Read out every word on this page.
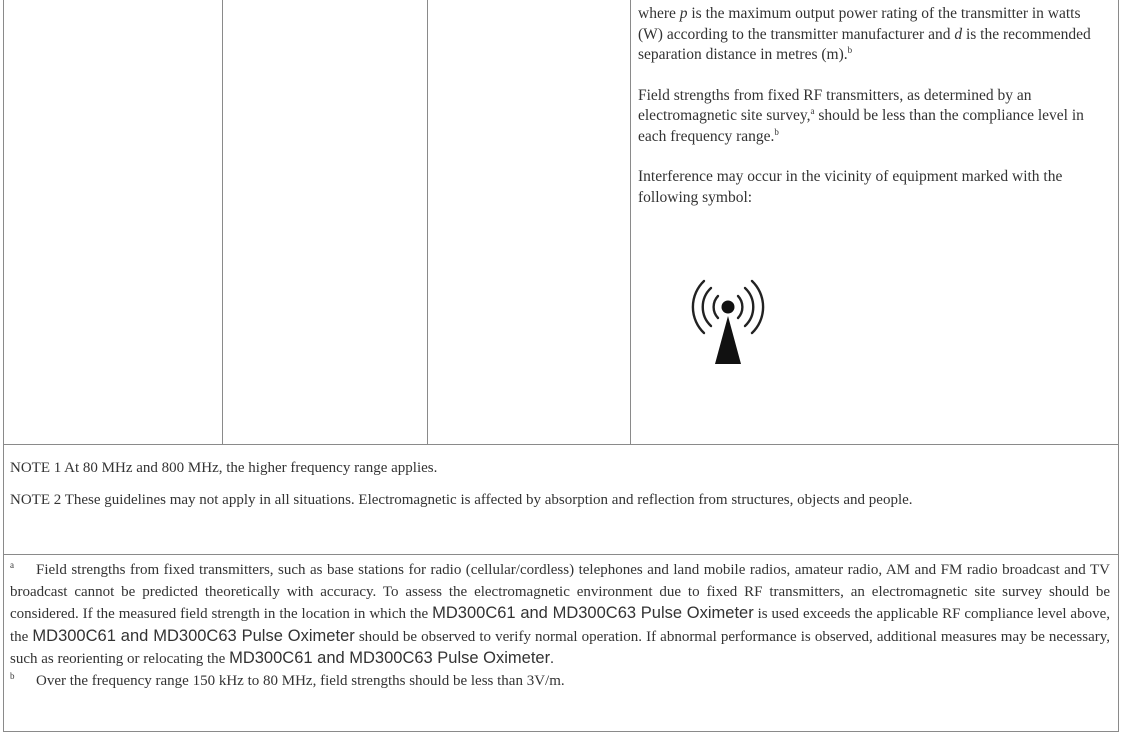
where p is the maximum output power rating of the transmitter in watts (W) according to the transmitter manufacturer and d is the recommended separation distance in metres (m).$^b$

Field strengths from fixed RF transmitters, as determined by an electromagnetic site survey,$^a$ should be less than the compliance level in each frequency range.$^b$

Interference may occur in the vicinity of equipment marked with the following symbol:

NOTE 1 At 80 MHz and 800 MHz, the higher frequency range applies.

NOTE 2 These guidelines may not apply in all situations. Electromagnetic is affected by absorption and reflection from structures, objects and people.

a Field strengths from fixed transmitters, such as base stations for radio (cellular/cordless) telephones and land mobile radios, amateur radio, AM and FM radio broadcast and TV broadcast cannot be predicted theoretically with accuracy. To assess the electromagnetic environment due to fixed RF transmitters, an electromagnetic site survey should be considered. If the measured field strength in the location in which the MD300C61 and MD300C63 Pulse Oximeter is used exceeds the applicable RF compliance level above, the MD300C61 and MD300C63 Pulse Oximeter should be observed to verify normal operation. If abnormal performance is observed, additional measures may be necessary, such as reorienting or relocating the MD300C61 and MD300C63 Pulse Oximeter.

b Over the frequency range 150 kHz to 80 MHz, field strengths should be less than 3V/m.
